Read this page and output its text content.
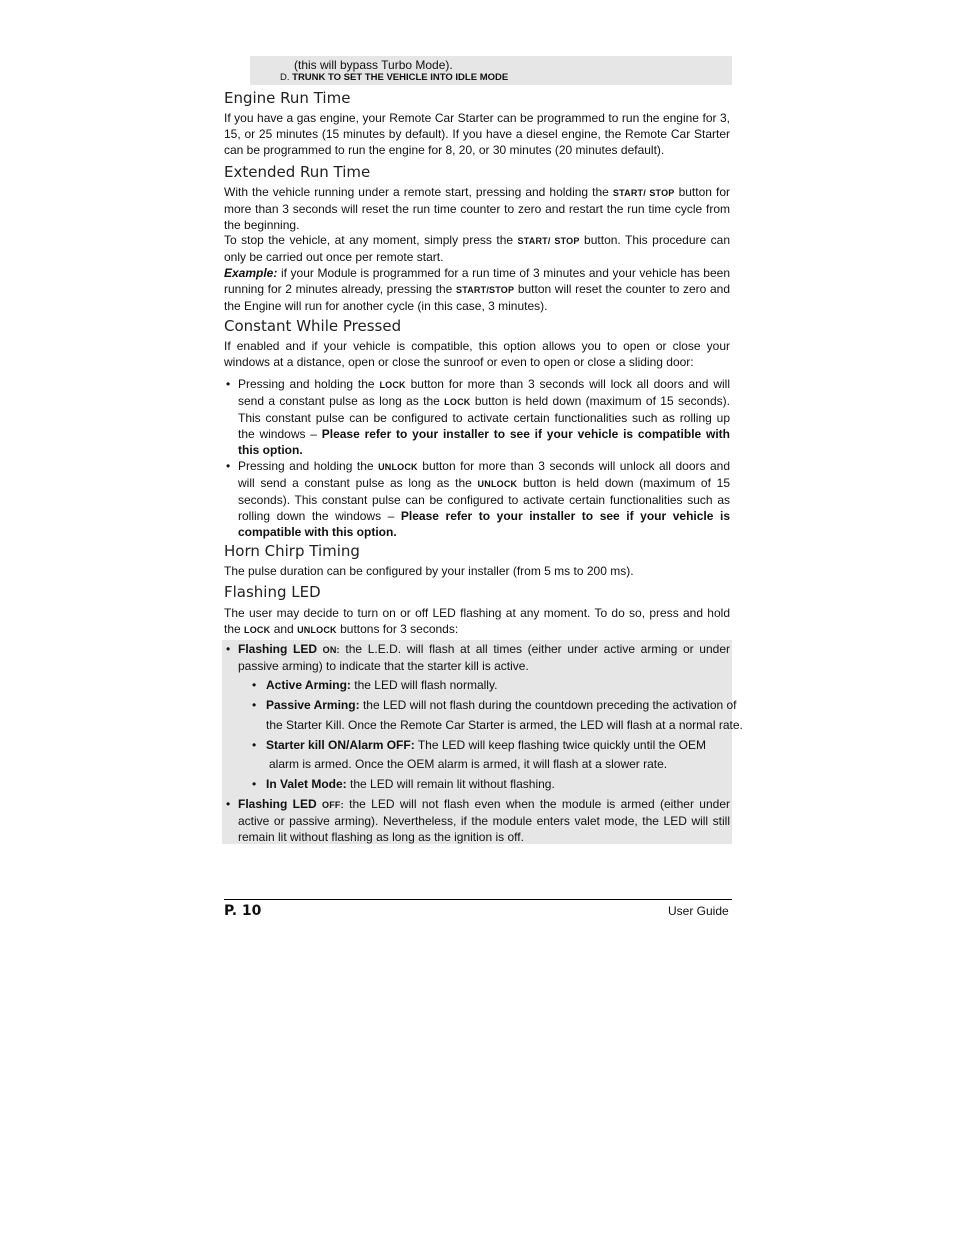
(this will bypass Turbo Mode).
D. TRUNK TO SET THE VEHICLE INTO IDLE MODE
Engine Run Time
If you have a gas engine, your Remote Car Starter can be programmed to run the engine for 3, 15, or 25 minutes (15 minutes by default). If you have a diesel engine, the Remote Car Starter can be programmed to run the engine for 8, 20, or 30 minutes (20 minutes default).
Extended Run Time
With the vehicle running under a remote start, pressing and holding the START/ STOP button for more than 3 seconds will reset the run time counter to zero and restart the run time cycle from the beginning.
To stop the vehicle, at any moment, simply press the START/ STOP button. This procedure can only be carried out once per remote start.
Example: if your Module is programmed for a run time of 3 minutes and your vehicle has been running for 2 minutes already, pressing the START/STOP button will reset the counter to zero and the Engine will run for another cycle (in this case, 3 minutes).
Constant While Pressed
If enabled and if your vehicle is compatible, this option allows you to open or close your windows at a distance, open or close the sunroof or even to open or close a sliding door:
• Pressing and holding the LOCK button for more than 3 seconds will lock all doors and will send a constant pulse as long as the LOCK button is held down (maximum of 15 seconds). This constant pulse can be configured to activate certain functionalities such as rolling up the windows – Please refer to your installer to see if your vehicle is compatible with this option.
• Pressing and holding the UNLOCK button for more than 3 seconds will unlock all doors and will send a constant pulse as long as the UNLOCK button is held down (maximum of 15 seconds). This constant pulse can be configured to activate certain functionalities such as rolling down the windows – Please refer to your installer to see if your vehicle is compatible with this option.
Horn Chirp Timing
The pulse duration can be configured by your installer (from 5 ms to 200 ms).
Flashing LED
The user may decide to turn on or off LED flashing at any moment. To do so, press and hold the LOCK and UNLOCK buttons for 3 seconds:
• Flashing LED ON: the L.E.D. will flash at all times (either under active arming or under passive arming) to indicate that the starter kill is active.
• Active Arming: the LED will flash normally.
• Passive Arming: the LED will not flash during the countdown preceding the activation of
the Starter Kill. Once the Remote Car Starter is armed, the LED will flash at a normal rate.
• Starter kill ON/Alarm OFF: The LED will keep flashing twice quickly until the OEM
alarm is armed. Once the OEM alarm is armed, it will flash at a slower rate.
• In Valet Mode: the LED will remain lit without flashing.
• Flashing LED OFF: the LED will not flash even when the module is armed (either under active or passive arming). Nevertheless, if the module enters valet mode, the LED will still remain lit without flashing as long as the ignition is off.
P. 10	User Guide
